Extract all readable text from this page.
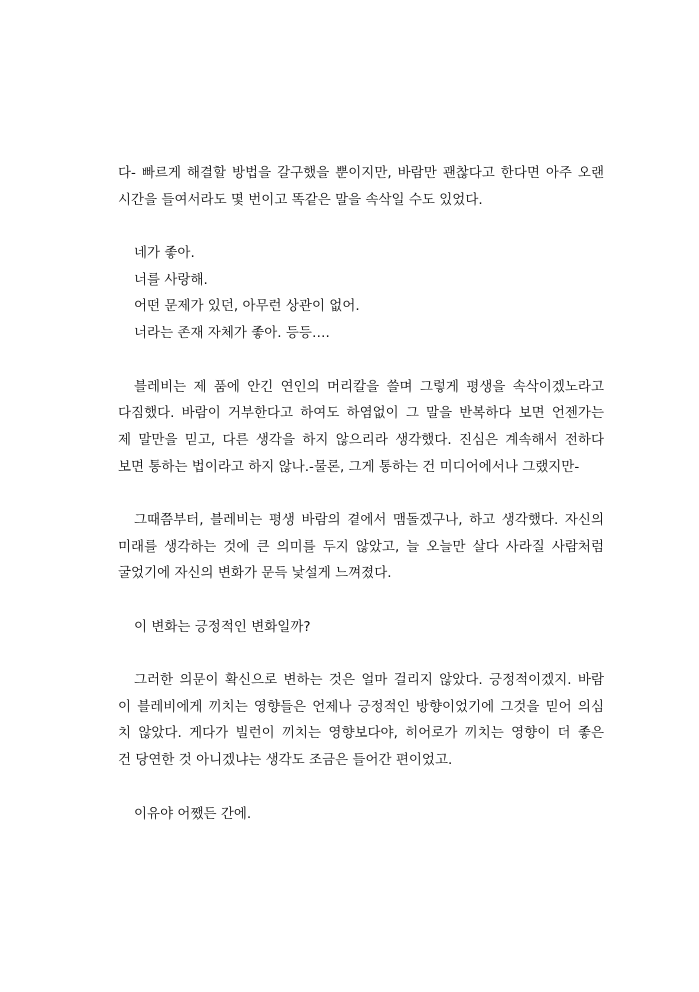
다- 빠르게 해결할 방법을 갈구했을 뿐이지만, 바람만 괜찮다고 한다면 아주 오랜
시간을 들여서라도 몇 번이고 똑같은 말을 속삭일 수도 있었다.
네가 좋아.
너를 사랑해.
어떤 문제가 있던, 아무런 상관이 없어.
너라는 존재 자체가 좋아. 등등….
블레비는 제 품에 안긴 연인의 머리칼을 쓸며 그렇게 평생을 속삭이겠노라고
다짐했다. 바람이 거부한다고 하여도 하염없이 그 말을 반복하다 보면 언젠가는
제 말만을 믿고, 다른 생각을 하지 않으리라 생각했다. 진심은 계속해서 전하다
보면 통하는 법이라고 하지 않나.-물론, 그게 통하는 건 미디어에서나 그랬지만-
그때쯤부터, 블레비는 평생 바람의 곁에서 맴돌겠구나, 하고 생각했다. 자신의
미래를 생각하는 것에 큰 의미를 두지 않았고, 늘 오늘만 살다 사라질 사람처럼
굴었기에 자신의 변화가 문득 낯설게 느껴졌다.
이 변화는 긍정적인 변화일까?
그러한 의문이 확신으로 변하는 것은 얼마 걸리지 않았다. 긍정적이겠지. 바람
이 블레비에게 끼치는 영향들은 언제나 긍정적인 방향이었기에 그것을 믿어 의심
치 않았다. 게다가 빌런이 끼치는 영향보다야, 히어로가 끼치는 영향이 더 좋은
건 당연한 것 아니겠냐는 생각도 조금은 들어간 편이었고.
이유야 어쨌든 간에.
